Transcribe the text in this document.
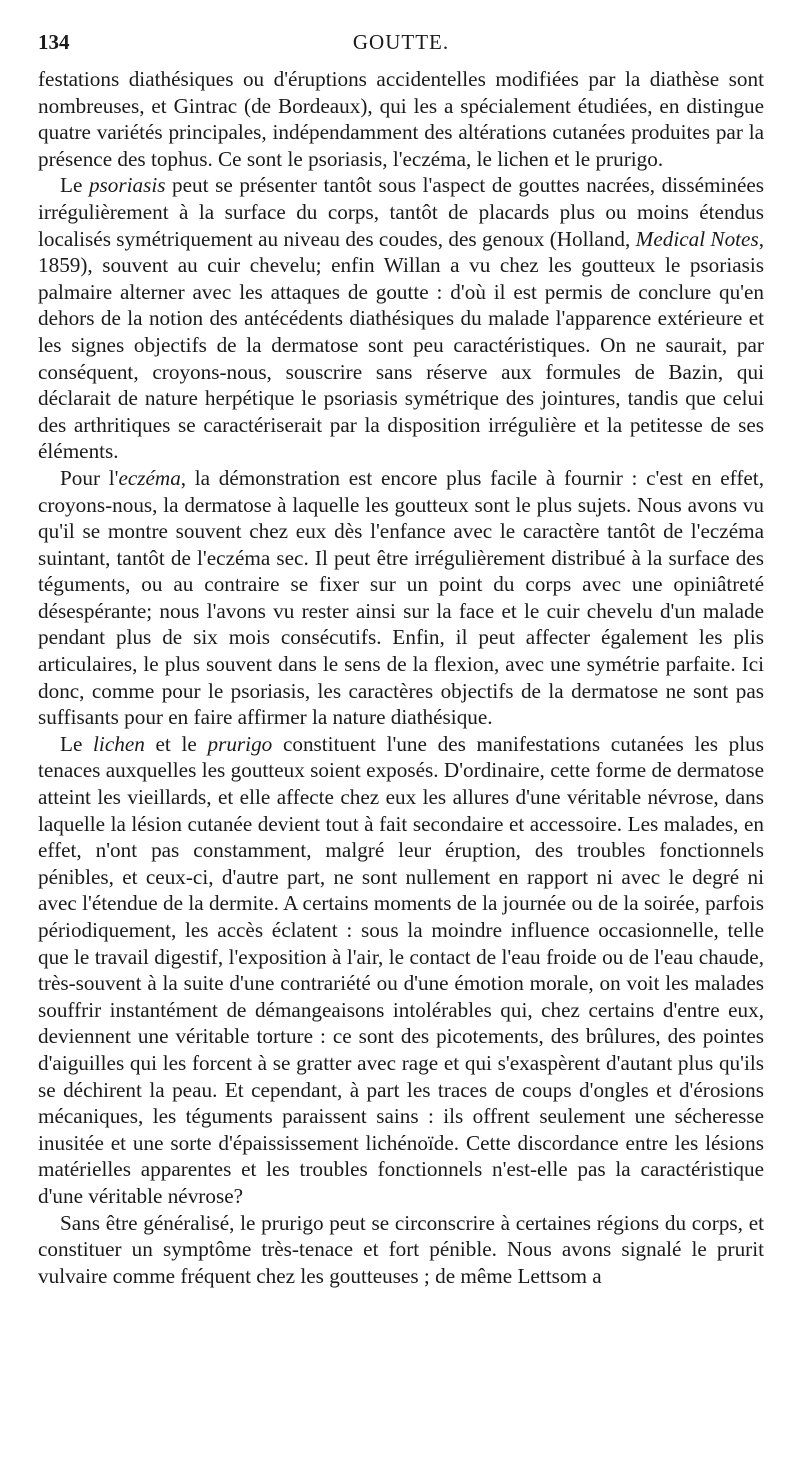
134	GOUTTE.

festations diathésiques ou d'éruptions accidentelles modifiées par la diathèse sont nombreuses, et Gintrac (de Bordeaux), qui les a spécialement étudiées, en distingue quatre variétés principales, indépendamment des altérations cutanées produites par la présence des tophus. Ce sont le psoriasis, l'eczéma, le lichen et le prurigo.

Le psoriasis peut se présenter tantôt sous l'aspect de gouttes nacrées, disséminées irrégulièrement à la surface du corps, tantôt de placards plus ou moins étendus localisés symétriquement au niveau des coudes, des genoux (Holland, Medical Notes, 1859), souvent au cuir chevelu; enfin Willan a vu chez les goutteux le psoriasis palmaire alterner avec les attaques de goutte : d'où il est permis de conclure qu'en dehors de la notion des antécédents diathésiques du malade l'apparence extérieure et les signes objectifs de la dermatose sont peu caractéristiques. On ne saurait, par conséquent, croyons-nous, souscrire sans réserve aux formules de Bazin, qui déclarait de nature herpétique le psoriasis symétrique des jointures, tandis que celui des arthritiques se caractériserait par la disposition irrégulière et la petitesse de ses éléments.

Pour l'eczéma, la démonstration est encore plus facile à fournir : c'est en effet, croyons-nous, la dermatose à laquelle les goutteux sont le plus sujets. Nous avons vu qu'il se montre souvent chez eux dès l'enfance avec le caractère tantôt de l'eczéma suintant, tantôt de l'eczéma sec. Il peut être irrégulièrement distribué à la surface des téguments, ou au contraire se fixer sur un point du corps avec une opiniâtreté désespérante; nous l'avons vu rester ainsi sur la face et le cuir chevelu d'un malade pendant plus de six mois consécutifs. Enfin, il peut affecter également les plis articulaires, le plus souvent dans le sens de la flexion, avec une symétrie parfaite. Ici donc, comme pour le psoriasis, les caractères objectifs de la dermatose ne sont pas suffisants pour en faire affirmer la nature diathésique.

Le lichen et le prurigo constituent l'une des manifestations cutanées les plus tenaces auxquelles les goutteux soient exposés. D'ordinaire, cette forme de dermatose atteint les vieillards, et elle affecte chez eux les allures d'une véritable névrose, dans laquelle la lésion cutanée devient tout à fait secondaire et accessoire. Les malades, en effet, n'ont pas constamment, malgré leur éruption, des troubles fonctionnels pénibles, et ceux-ci, d'autre part, ne sont nullement en rapport ni avec le degré ni avec l'étendue de la dermite. A certains moments de la journée ou de la soirée, parfois périodiquement, les accès éclatent : sous la moindre influence occasionnelle, telle que le travail digestif, l'exposition à l'air, le contact de l'eau froide ou de l'eau chaude, très-souvent à la suite d'une contrariété ou d'une émotion morale, on voit les malades souffrir instantément de démangeaisons intolérables qui, chez certains d'entre eux, deviennent une véritable torture : ce sont des picotements, des brûlures, des pointes d'aiguilles qui les forcent à se gratter avec rage et qui s'exaspèrent d'autant plus qu'ils se déchirent la peau. Et cependant, à part les traces de coups d'ongles et d'érosions mécaniques, les téguments paraissent sains : ils offrent seulement une sécheresse inusitée et une sorte d'épaississement lichénoïde. Cette discordance entre les lésions matérielles apparentes et les troubles fonctionnels n'est-elle pas la caractéristique d'une véritable névrose?

Sans être généralisé, le prurigo peut se circonscrire à certaines régions du corps, et constituer un symptôme très-tenace et fort pénible. Nous avons signalé le prurit vulvaire comme fréquent chez les goutteuses ; de même Lettsom a
